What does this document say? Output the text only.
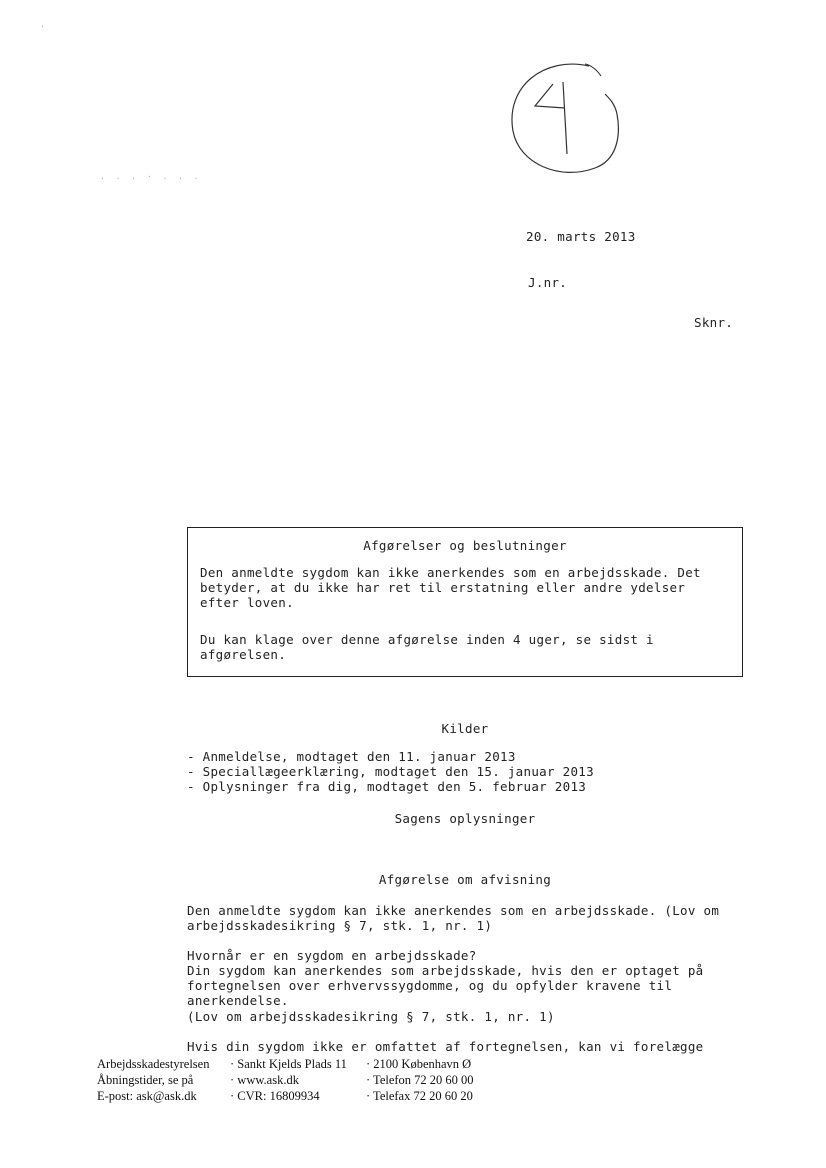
·
. . . · . . .
20. marts 2013
J.nr.
Sknr.
Afgørelser og beslutninger

Den anmeldte sygdom kan ikke anerkendes som en arbejdsskade. Det betyder, at du ikke har ret til erstatning eller andre ydelser efter loven.

Du kan klage over denne afgørelse inden 4 uger, se sidst i afgørelsen.

Kilder
- Anmeldelse, modtaget den 11. januar 2013
- Speciallægeerklæring, modtaget den 15. januar 2013
- Oplysninger fra dig, modtaget den 5. februar 2013
Sagens oplysninger
Afgørelse om afvisning
Den anmeldte sygdom kan ikke anerkendes som en arbejdsskade. (Lov om arbejdsskadesikring § 7, stk. 1, nr. 1)
Hvornår er en sygdom en arbejdsskade?
Din sygdom kan anerkendes som arbejdsskade, hvis den er optaget på fortegnelsen over erhvervssygdomme, og du opfylder kravene til anerkendelse.
(Lov om arbejdsskadesikring § 7, stk. 1, nr. 1)
Hvis din sygdom ikke er omfattet af fortegnelsen, kan vi forelægge
Arbejdsskadestyrelsen	· Sankt Kjelds Plads 11	· 2100 København Ø
Åbningstider, se på	· www.ask.dk	· Telefon 72 20 60 00
E-post: ask@ask.dk	· CVR: 16809934	· Telefax 72 20 60 20
